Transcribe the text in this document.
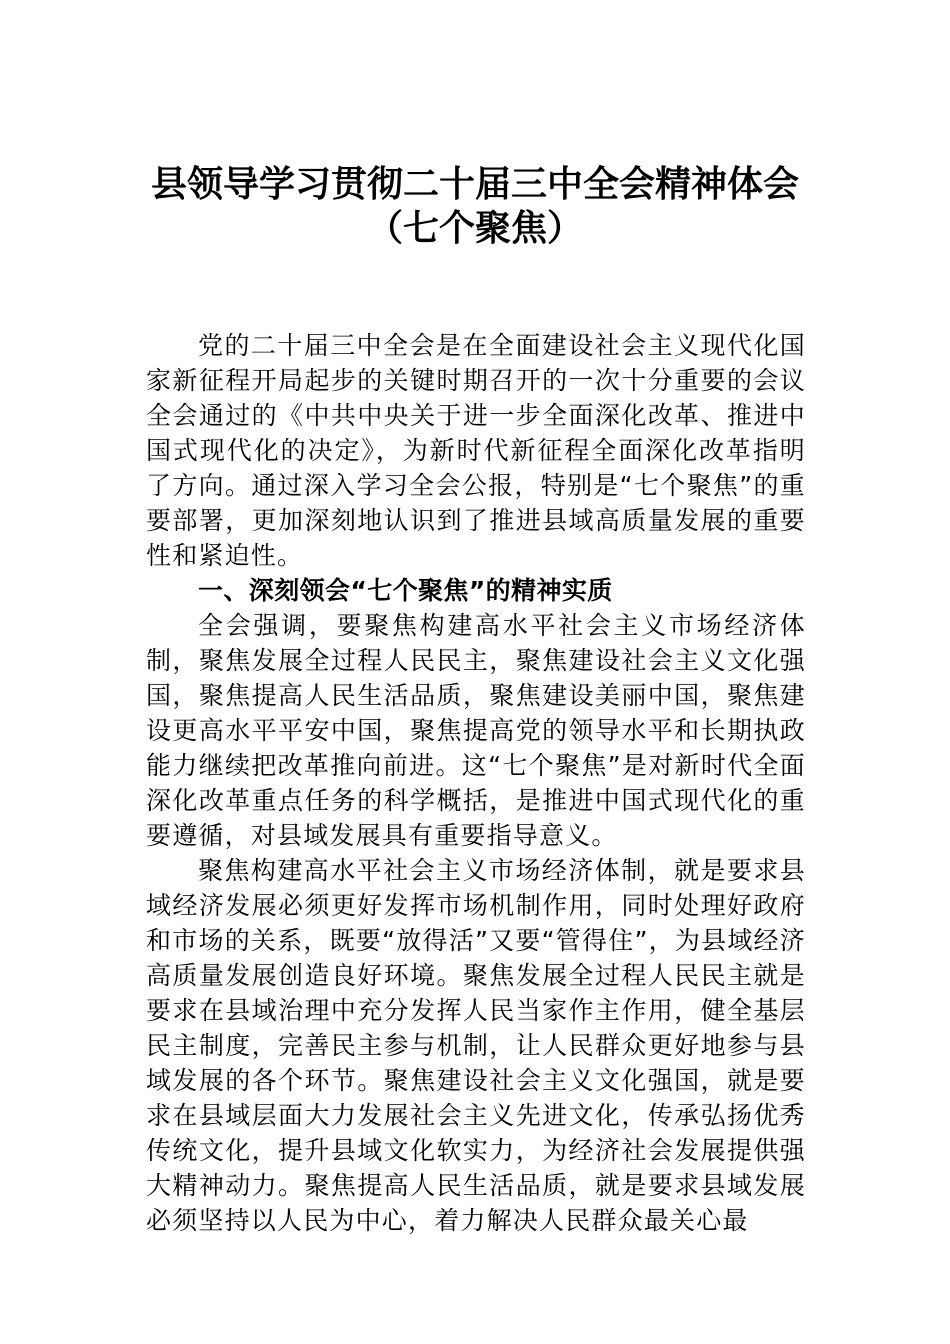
县领导学习贯彻二十届三中全会精神体会
（七个聚焦）

党的二十届三中全会是在全面建设社会主义现代化国家新征程开局起步的关键时期召开的一次十分重要的会议全会通过的《中共中央关于进一步全面深化改革、推进中国式现代化的决定》，为新时代新征程全面深化改革指明了方向。通过深入学习全会公报，特别是“七个聚焦”的重要部署，更加深刻地认识到了推进县域高质量发展的重要性和紧迫性。

一、深刻领会“七个聚焦”的精神实质

全会强调，要聚焦构建高水平社会主义市场经济体制，聚焦发展全过程人民民主，聚焦建设社会主义文化强国，聚焦提高人民生活品质，聚焦建设美丽中国，聚焦建设更高水平平安中国，聚焦提高党的领导水平和长期执政能力继续把改革推向前进。这“七个聚焦”是对新时代全面深化改革重点任务的科学概括，是推进中国式现代化的重要遵循，对县域发展具有重要指导意义。

聚焦构建高水平社会主义市场经济体制，就是要求县域经济发展必须更好发挥市场机制作用，同时处理好政府和市场的关系，既要“放得活”又要“管得住”，为县域经济高质量发展创造良好环境。聚焦发展全过程人民民主就是要求在县域治理中充分发挥人民当家作主作用，健全基层民主制度，完善民主参与机制，让人民群众更好地参与县域发展的各个环节。聚焦建设社会主义文化强国，就是要求在县域层面大力发展社会主义先进文化，传承弘扬优秀传统文化，提升县域文化软实力，为经济社会发展提供强大精神动力。聚焦提高人民生活品质，就是要求县域发展必须坚持以人民为中心，着力解决人民群众最关心最
